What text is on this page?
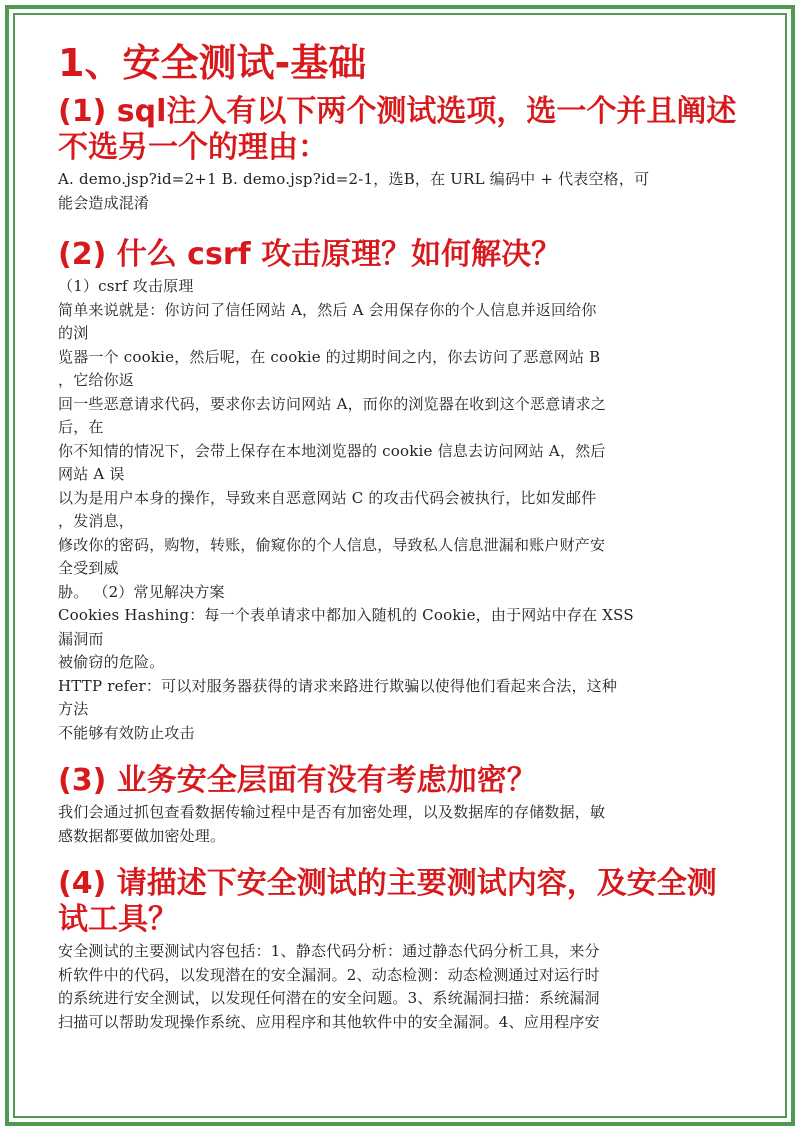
1、安全测试-基础
(1) sql注入有以下两个测试选项，选一个并且阐述不选另一个的理由：

A. demo.jsp?id=2+1 B. demo.jsp?id=2-1，选B，在 URL 编码中 + 代表空格，可

能会造成混淆

(2) 什么 csrf 攻击原理？如何解决？

（1）csrf 攻击原理

简单来说就是：你访问了信任网站 A，然后 A 会用保存你的个人信息并返回给你

的浏

览器一个 cookie，然后呢，在 cookie 的过期时间之内，你去访问了恶意网站 B

，它给你返

回一些恶意请求代码，要求你去访问网站 A，而你的浏览器在收到这个恶意请求之

后，在

你不知情的情况下，会带上保存在本地浏览器的 cookie 信息去访问网站 A，然后

网站 A 误

以为是用户本身的操作，导致来自恶意网站 C 的攻击代码会被执行，比如发邮件

，发消息，

修改你的密码，购物，转账，偷窥你的个人信息，导致私人信息泄漏和账户财产安

全受到威

胁。 （2）常见解决方案

Cookies Hashing：每一个表单请求中都加入随机的 Cookie，由于网站中存在 XSS

漏洞而

被偷窃的危险。

HTTP refer：可以对服务器获得的请求来路进行欺骗以使得他们看起来合法，这种

方法

不能够有效防止攻击

(3) 业务安全层面有没有考虑加密？

我们会通过抓包查看数据传输过程中是否有加密处理，以及数据库的存储数据，敏

感数据都要做加密处理。

(4) 请描述下安全测试的主要测试内容，及安全测试工具？

安全测试的主要测试内容包括：1、静态代码分析：通过静态代码分析工具，来分

析软件中的代码，以发现潜在的安全漏洞。2、动态检测：动态检测通过对运行时

的系统进行安全测试，以发现任何潜在的安全问题。3、系统漏洞扫描：系统漏洞

扫描可以帮助发现操作系统、应用程序和其他软件中的安全漏洞。4、应用程序安
